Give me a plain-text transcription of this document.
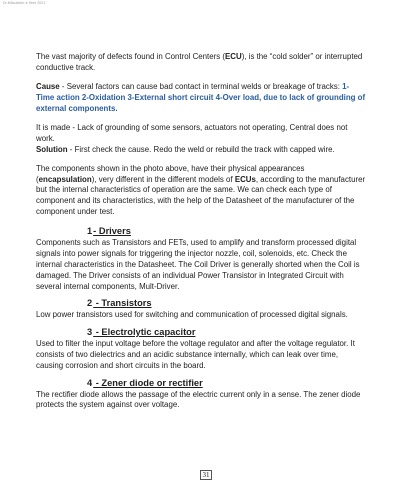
Dr.Mitsubishi-tr fleet 2021

The vast majority of defects found in Control Centers (ECU), is the “cold solder” or interrupted conductive track.

Cause - Several factors can cause bad contact in terminal welds or breakage of tracks: 1-Time action 2-Oxidation 3-External short circuit 4-Over load, due to lack of grounding of external components.

It is made - Lack of grounding of some sensors, actuators not operating, Central does not work.
Solution - First check the cause. Redo the weld or rebuild the track with capped wire.

The components shown in the photo above, have their physical appearances (encapsulation), very different in the different models of ECUs, according to the manufacturer but the internal characteristics of operation are the same. We can check each type of component and its characteristics, with the help of the Datasheet of the manufacturer of the component under test.

1- Drivers

Components such as Transistors and FETs, used to amplify and transform processed digital signals into power signals for triggering the injector nozzle, coil, solenoids, etc. Check the internal characteristics in the Datasheet. The Coil Driver is generally shorted when the Coil is damaged. The Driver consists of an individual Power Transistor in Integrated Circuit with several internal components, Mult-Driver.

2 - Transistors

Low power transistors used for switching and communication of processed digital signals.

3 - Electrolytic capacitor

Used to filter the input voltage before the voltage regulator and after the voltage regulator. It consists of two dielectrics and an acidic substance internally, which can leak over time, causing corrosion and short circuits in the board.

4 - Zener diode or rectifier

The rectifier diode allows the passage of the electric current only in a sense. The zener diode protects the system against over voltage.

31
